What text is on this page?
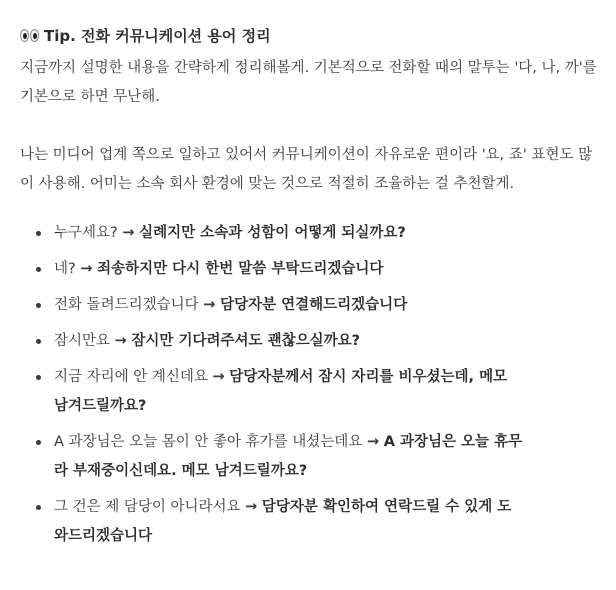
Tip. 전화 커뮤니케이션 용어 정리

지금까지 설명한 내용을 간략하게 정리해볼게. 기본적으로 전화할 때의 말투는 '다, 나, 까'를 기본으로 하면 무난해.

나는 미디어 업계 쪽으로 일하고 있어서 커뮤니케이션이 자유로운 편이라 '요, 죠' 표현도 많이 사용해. 어미는 소속 회사 환경에 맞는 것으로 적절히 조율하는 걸 추천할게.

누구세요? → 실례지만 소속과 성함이 어떻게 되실까요?
네? → 죄송하지만 다시 한번 말씀 부탁드리겠습니다
전화 돌려드리겠습니다 → 담당자분 연결해드리겠습니다
잠시만요 → 잠시만 기다려주셔도 괜찮으실까요?
지금 자리에 안 계신데요 → 담당자분께서 잠시 자리를 비우셨는데, 메모 남겨드릴까요?
A 과장님은 오늘 몸이 안 좋아 휴가를 내셨는데요 → A 과장님은 오늘 휴무라 부재중이신데요. 메모 남겨드릴까요?
그 건은 제 담당이 아니라서요 → 담당자분 확인하여 연락드릴 수 있게 도와드리겠습니다
